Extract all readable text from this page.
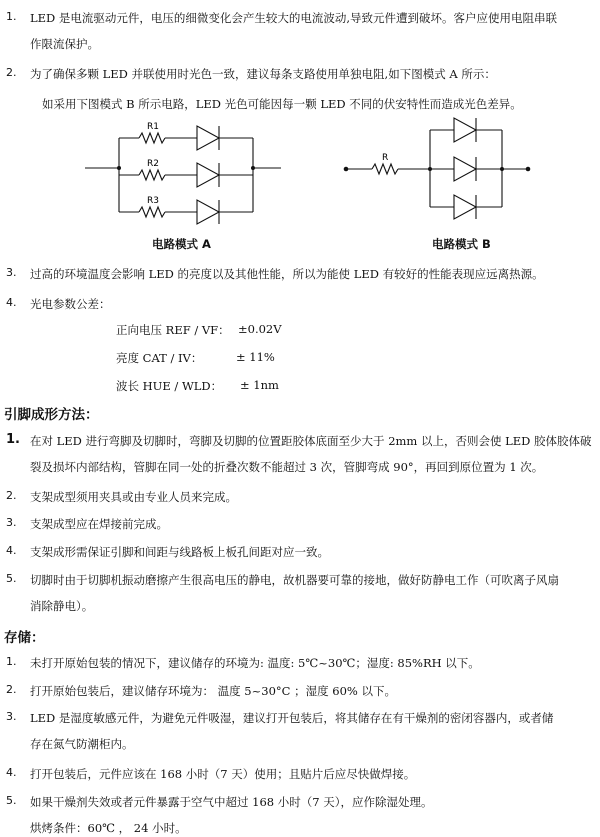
1. LED 是电流驱动元件，电压的细微变化会产生较大的电流波动,导致元件遭到破坏。客户应使用电阻串联
作限流保护。
2. 为了确保多颗 LED 并联使用时光色一致，建议每条支路使用单独电阻,如下图模式 A 所示：
如采用下图模式 B 所示电路，LED 光色可能因每一颗 LED 不同的伏安特性而造成光色差异。
R1
R2
R3
电路模式 A
R
电路模式 B
3. 过高的环境温度会影响 LED 的亮度以及其他性能，所以为能使 LED 有较好的性能表现应远离热源。
4. 光电参数公差：
正向电压 REF / VF： ±0.02V
亮度 CAT / IV：	± 11%
波长 HUE / WLD： ± 1nm
引脚成形方法：
1. 在对 LED 进行弯脚及切脚时，弯脚及切脚的位置距胶体底面至少大于 2mm 以上，否则会使 LED 胶体胶体破
裂及损坏内部结构，管脚在同一处的折叠次数不能超过 3 次，管脚弯成 90°，再回到原位置为 1 次。
2. 支架成型须用夹具或由专业人员来完成。
3. 支架成型应在焊接前完成。
4. 支架成形需保证引脚和间距与线路板上板孔间距对应一致。
5. 切脚时由于切脚机振动磨擦产生很高电压的静电，故机器要可靠的接地，做好防静电工作（可吹离子风扇
消除静电）。
存储：
1. 未打开原始包装的情况下，建议储存的环境为: 温度: 5℃~30℃；湿度: 85%RH 以下。
2. 打开原始包装后，建议储存环境为： 温度 5~30°C ；湿度 60% 以下。
3. LED 是湿度敏感元件，为避免元件吸湿，建议打开包装后，将其储存在有干燥剂的密闭容器内，或者储
存在氮气防潮柜内。
4. 打开包装后，元件应该在 168 小时（7 天）使用；且贴片后应尽快做焊接。
5. 如果干燥剂失效或者元件暴露于空气中超过 168 小时（7 天），应作除湿处理。
烘烤条件：60℃ ， 24 小时。
